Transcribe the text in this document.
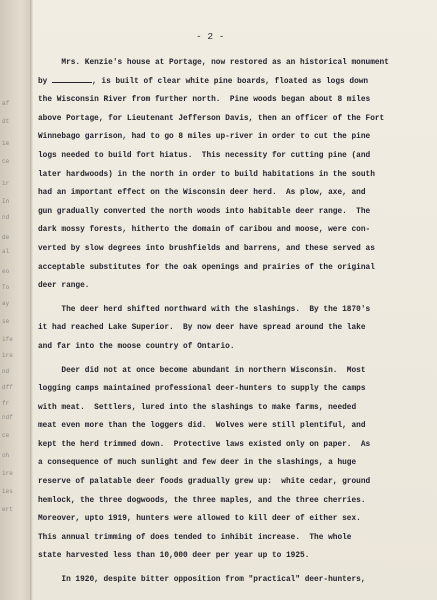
af
dt
ie
ce
ir
In
nd
de
al
eo
To
ay
se
ife
ire
nd
dff
fr
ndf
ce
oh
ire
ies
ert
- 2 -
Mrs. Kenzie's house at Portage, now restored as an historical monument
by	, is built of clear white pine boards, floated as logs down
the Wisconsin River from further north.  Pine woods began about 8 miles
above Portage, for Lieutenant Jefferson Davis, then an officer of the Fort
Winnebago garrison, had to go 8 miles up-river in order to cut the pine
logs needed to build fort hiatus.  This necessity for cutting pine (and
later hardwoods) in the north in order to build habitations in the south
had an important effect on the Wisconsin deer herd.  As plow, axe, and
gun gradually converted the north woods into habitable deer range.  The
dark mossy forests, hitherto the domain of caribou and moose, were con-
verted by slow degrees into brushfields and barrens, and these served as
acceptable substitutes for the oak openings and prairies of the original
deer range.
The deer herd shifted northward with the slashings.  By the 1870's
it had reached Lake Superior.  By now deer have spread around the lake
and far into the moose country of Ontario.
Deer did not at once become abundant in northern Wisconsin.  Most
logging camps maintained professional deer-hunters to supply the camps
with meat.  Settlers, lured into the slashings to make farms, needed
meat even more than the loggers did.  Wolves were still plentiful, and
kept the herd trimmed down.  Protective laws existed only on paper.  As
a consequence of much sunlight and few deer in the slashings, a huge
reserve of palatable deer foods gradually grew up:  white cedar, ground
hemlock, the three dogwoods, the three maples, and the three cherries.
Moreover, upto 1919, hunters were allowed to kill deer of either sex.
This annual trimming of does tended to inhibit increase.  The whole
state harvested less than 10,000 deer per year up to 1925.
In 1920, despite bitter opposition from "practical" deer-hunters,
